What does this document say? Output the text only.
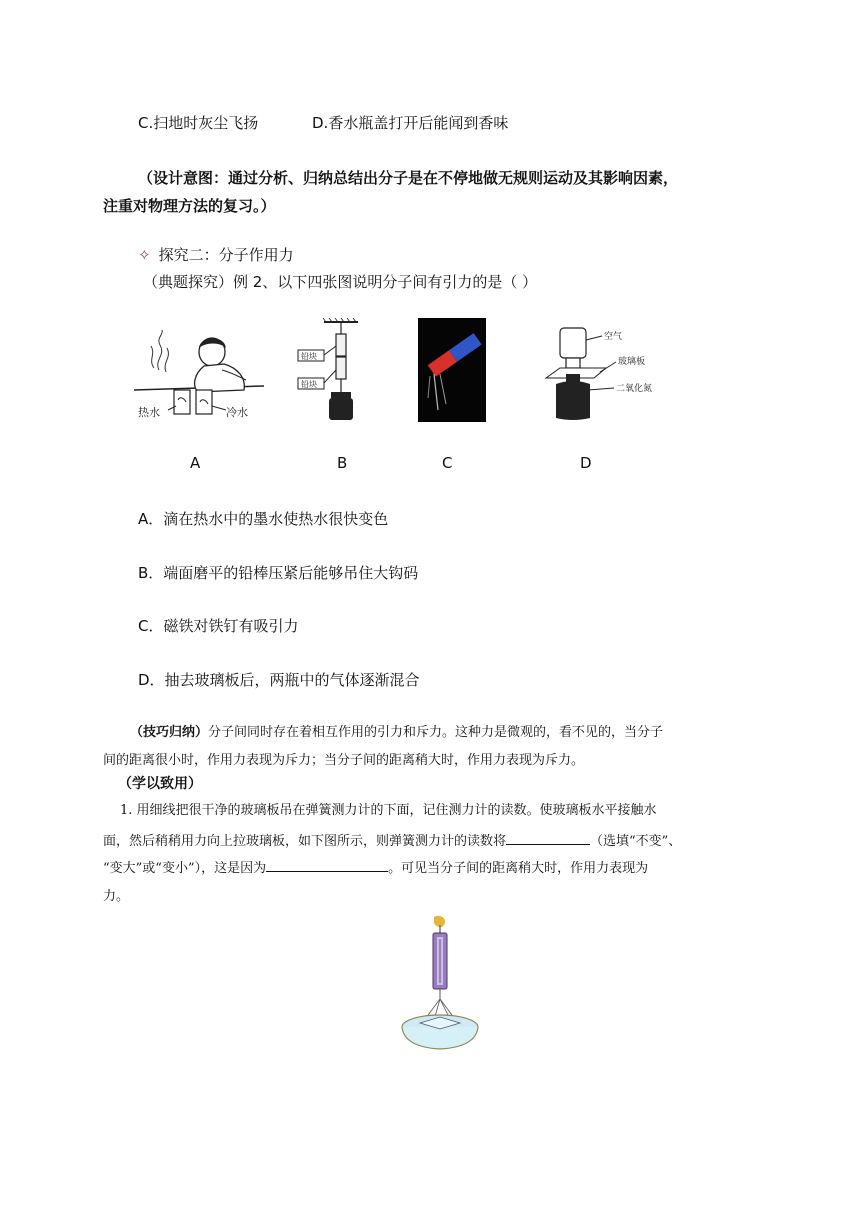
C.扫地时灰尘飞扬	D.香水瓶盖打开后能闻到香味
（设计意图：通过分析、归纳总结出分子是在不停地做无规则运动及其影响因素，
注重对物理方法的复习。）
✧ 探究二：分子作用力
（典题探究）例 2、以下四张图说明分子间有引力的是（ ）
热水	冷水
铅块
铅块
空气
玻璃板
二氧化氮
A	B	C	D
A．滴在热水中的墨水使热水很快变色
B．端面磨平的铅棒压紧后能够吊住大钩码
C．磁铁对铁钉有吸引力
D．抽去玻璃板后，两瓶中的气体逐渐混合
（技巧归纳）分子间同时存在着相互作用的引力和斥力。这种力是微观的，看不见的，当分子
间的距离很小时，作用力表现为斥力；当分子间的距离稍大时，作用力表现为斥力。
（学以致用）
1. 用细线把很干净的玻璃板吊在弹簧测力计的下面，记住测力计的读数。使玻璃板水平接触水
面，然后稍稍用力向上拉玻璃板，如下图所示，则弹簧测力计的读数将	（选填“不变”、
“变大”或“变小”），这是因为	。可见当分子间的距离稍大时，作用力表现为
力。
